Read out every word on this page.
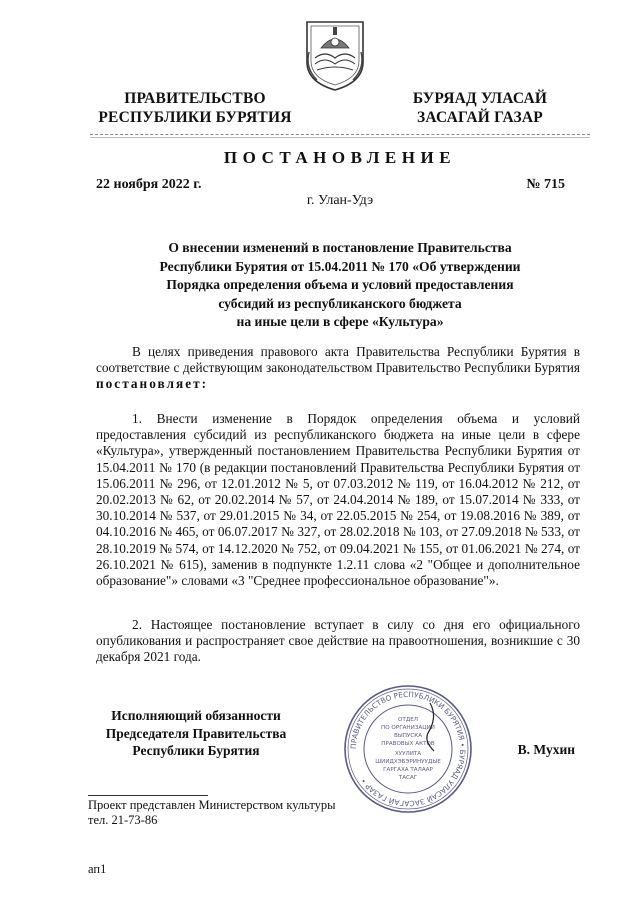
ПРАВИТЕЛЬСТВО
РЕСПУБЛИКИ БУРЯТИЯ
БУРЯАД УЛАСАЙ
ЗАСАГАЙ ГАЗАР
ПОСТАНОВЛЕНИЕ
22 ноября 2022 г.	№ 715
г. Улан-Удэ
О внесении изменений в постановление Правительства
Республики Бурятия от 15.04.2011 № 170 «Об утверждении
Порядка определения объема и условий предоставления
субсидий из республиканского бюджета
на иные цели в сфере «Культура»
В целях приведения правового акта Правительства Республики Бурятия в соответствие с действующим законодательством Правительство Республики Бурятия постановляет:
1. Внести изменение в Порядок определения объема и условий предоставления субсидий из республиканского бюджета на иные цели в сфере «Культура», утвержденный постановлением Правительства Республики Бурятия от 15.04.2011 № 170 (в редакции постановлений Правительства Республики Бурятия от 15.06.2011 № 296, от 12.01.2012 № 5, от 07.03.2012 № 119, от 16.04.2012 № 212, от 20.02.2013 № 62, от 20.02.2014 № 57, от 24.04.2014 № 189, от 15.07.2014 № 333, от 30.10.2014 № 537, от 29.01.2015 № 34, от 22.05.2015 № 254, от 19.08.2016 № 389, от 04.10.2016 № 465, от 06.07.2017 № 327, от 28.02.2018 № 103, от 27.09.2018 № 533, от 28.10.2019 № 574, от 14.12.2020 № 752, от 09.04.2021 № 155, от 01.06.2021 № 274, от 26.10.2021 № 615), заменив в подпункте 1.2.11 слова «2 "Общее и дополнительное образование"» словами «3 "Среднее профессиональное образование"».
2. Настоящее постановление вступает в силу со дня его официального опубликования и распространяет свое действие на правоотношения, возникшие с 30 декабря 2021 года.
Исполняющий обязанности
Председателя Правительства
Республики Бурятия	ПРАВИТЕЛЬСТВО РЕСПУБЛИКИ БУРЯТИЯ • БУРЯАД УЛАСАЙ ЗАСАГАЙ ГАЗАР •
ОТДЕЛ
ПО ОРГАНИЗАЦИИ
ВЫПУСКА
ПРАВОВЫХ АКТОВ
ХУУЛИТА
ШИИДХЭБЭРИНУУДЫЕ
ГАРГАХА ТАЛААР
ТАСАГ
В. Мухин
Проект представлен Министерством культуры
тел. 21-73-86
ап1
